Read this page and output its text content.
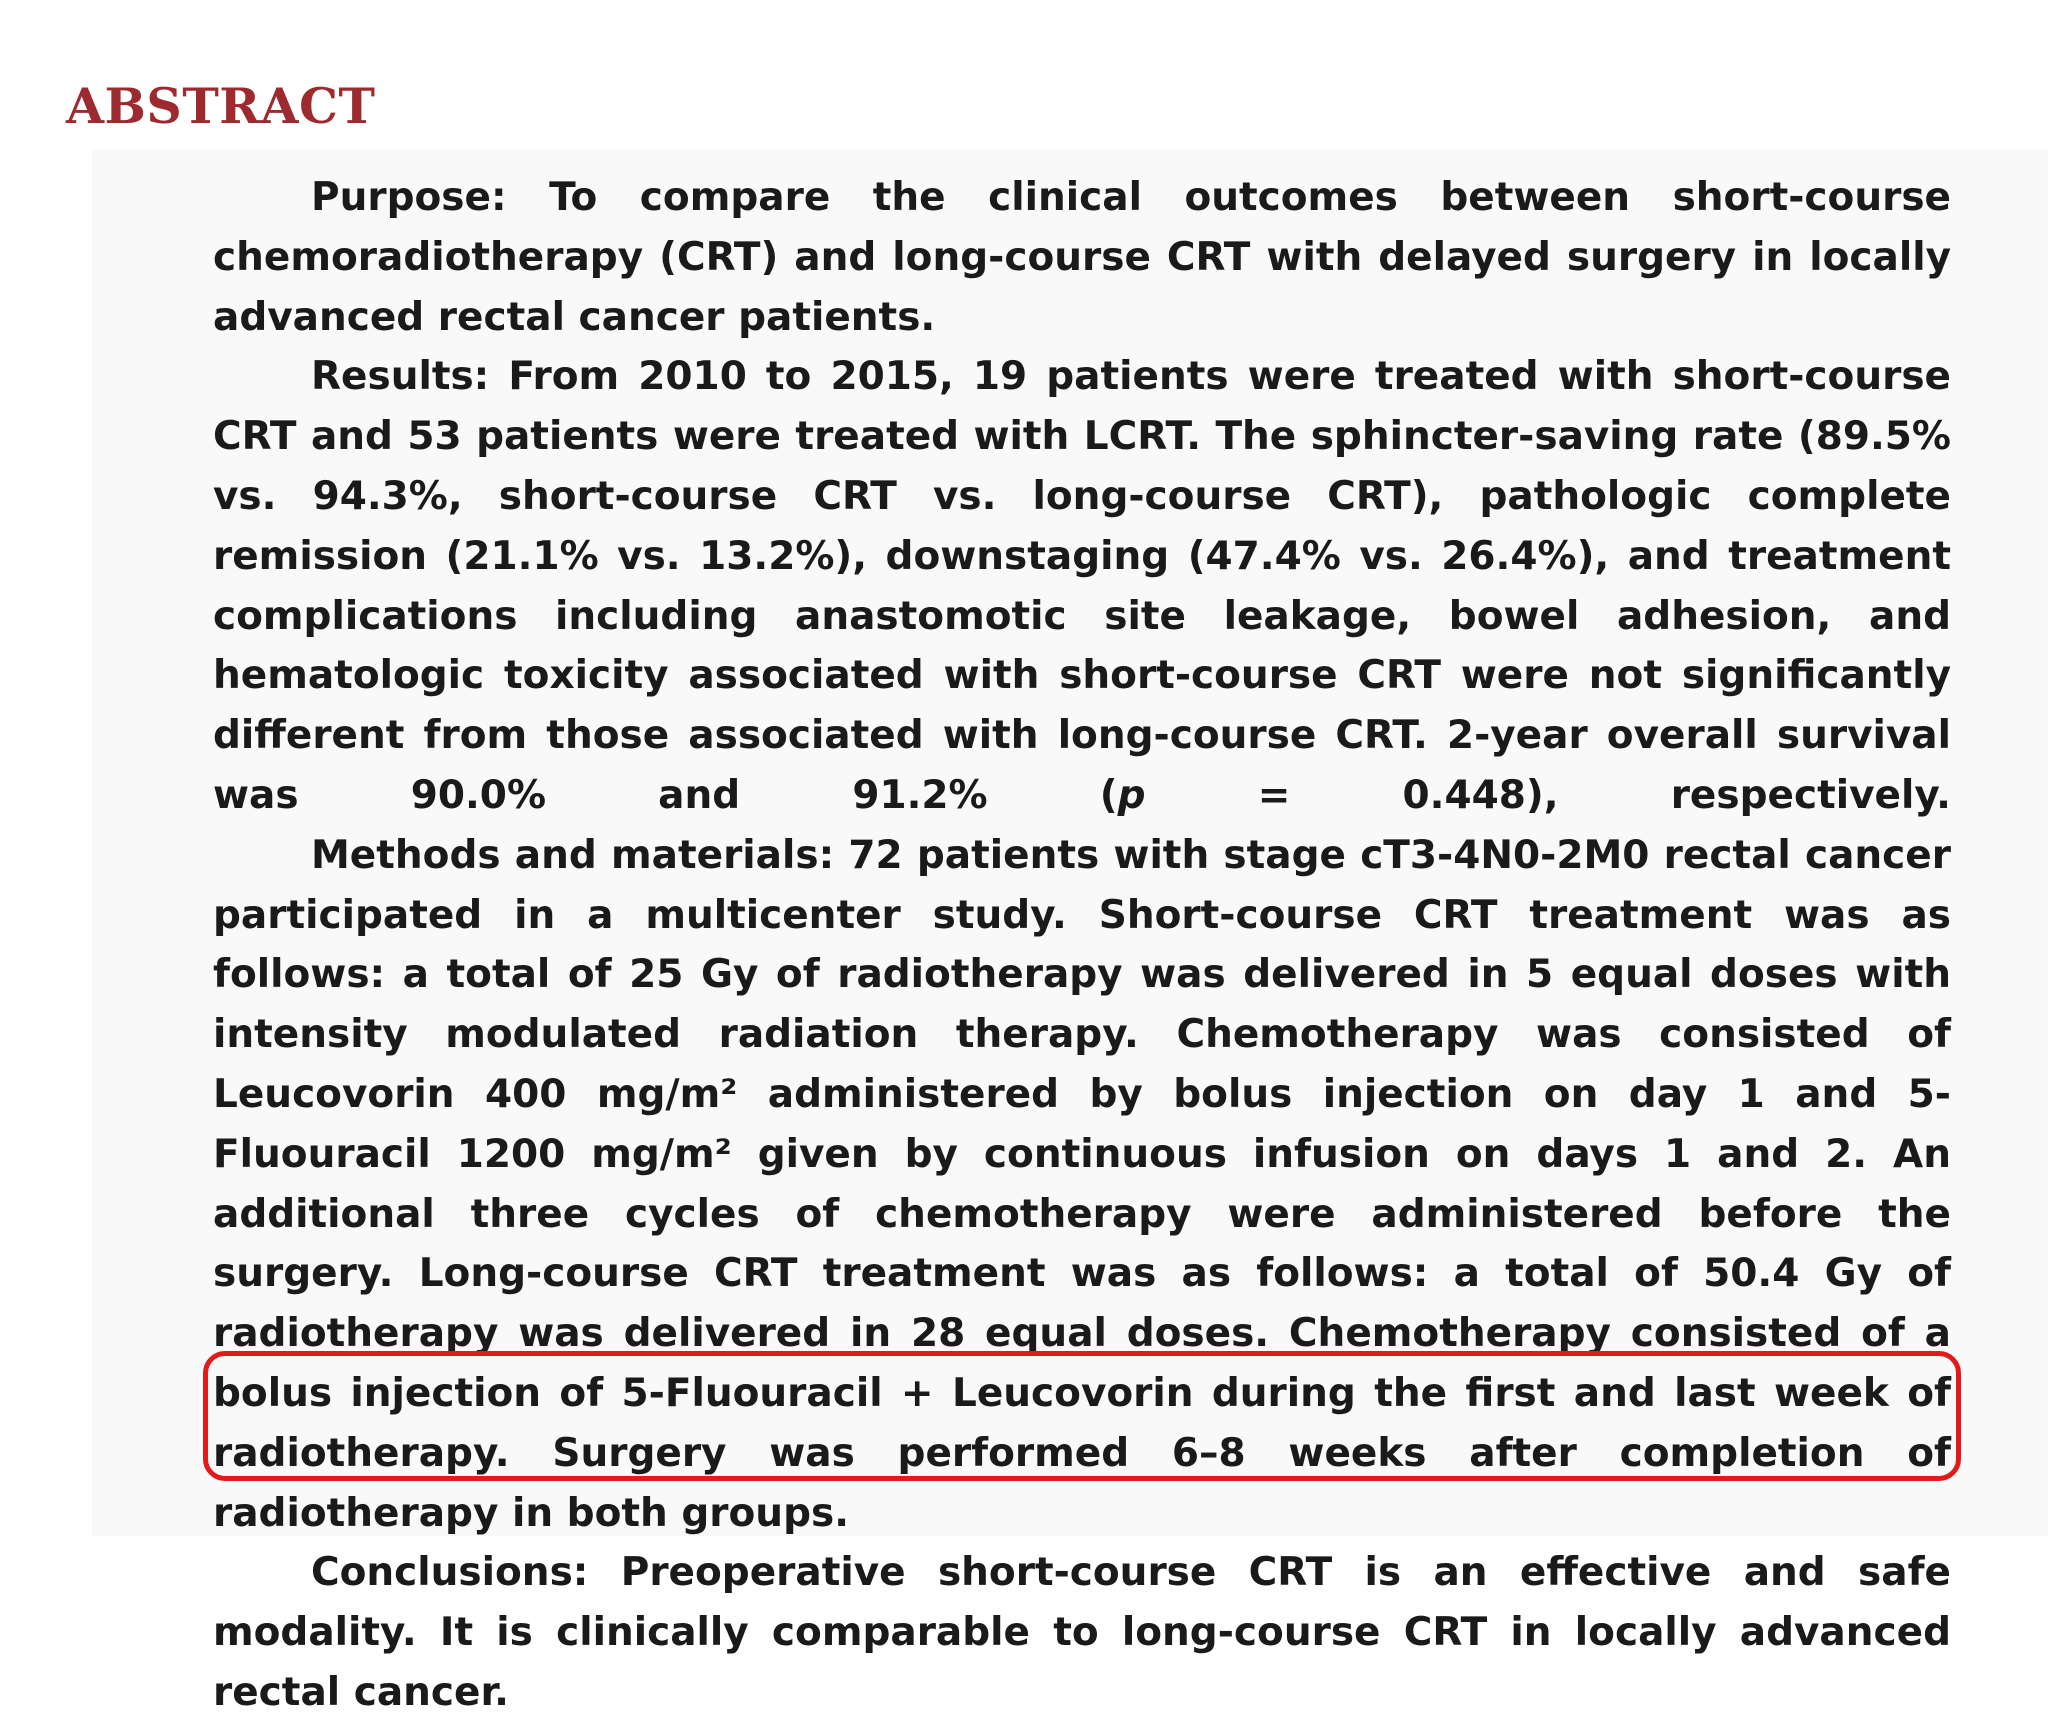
ABSTRACT

Purpose: To compare the clinical outcomes between short-course chemoradiotherapy (CRT) and long-course CRT with delayed surgery in locally advanced rectal cancer patients.

Results: From 2010 to 2015, 19 patients were treated with short-course CRT and 53 patients were treated with LCRT. The sphincter-saving rate (89.5% vs. 94.3%, short-course CRT vs. long-course CRT), pathologic complete remission (21.1% vs. 13.2%), downstaging (47.4% vs. 26.4%), and treatment complications including anastomotic site leakage, bowel adhesion, and hematologic toxicity associated with short-course CRT were not significantly different from those associated with long-course CRT. 2-year overall survival was 90.0% and 91.2% (p = 0.448), respectively.

Methods and materials: 72 patients with stage cT3-4N0-2M0 rectal cancer participated in a multicenter study. Short-course CRT treatment was as follows: a total of 25 Gy of radiotherapy was delivered in 5 equal doses with intensity modulated radiation therapy. Chemotherapy was consisted of Leucovorin 400 mg/m² administered by bolus injection on day 1 and 5-Fluouracil 1200 mg/m² given by continuous infusion on days 1 and 2. An additional three cycles of chemotherapy were administered before the surgery. Long-course CRT treatment was as follows: a total of 50.4 Gy of radiotherapy was delivered in 28 equal doses. Chemotherapy consisted of a bolus injection of 5-Fluouracil + Leucovorin during the first and last week of radiotherapy. Surgery was performed 6–8 weeks after completion of radiotherapy in both groups.

Conclusions: Preoperative short-course CRT is an effective and safe modality. It is clinically comparable to long-course CRT in locally advanced rectal cancer.
